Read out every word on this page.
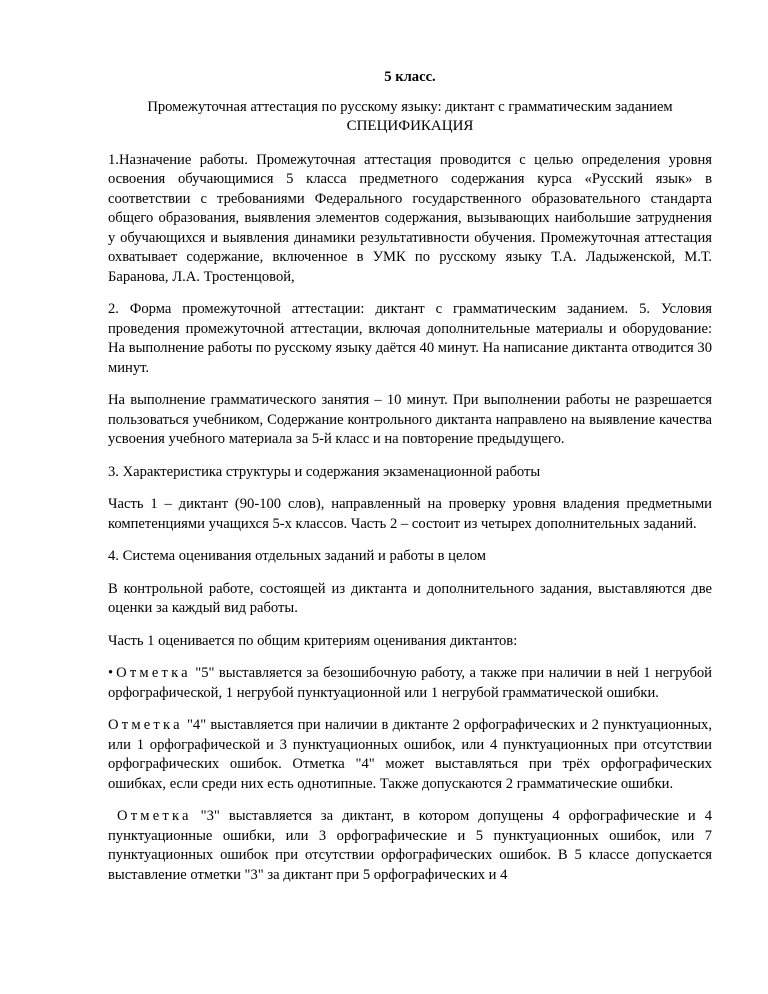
5 класс.
Промежуточная аттестация по русскому языку: диктант с грамматическим заданием
СПЕЦИФИКАЦИЯ

1.Назначение работы. Промежуточная аттестация проводится с целью определения уровня освоения обучающимися 5 класса предметного содержания курса «Русский язык» в соответствии с требованиями Федерального государственного образовательного стандарта общего образования, выявления элементов содержания, вызывающих наибольшие затруднения у обучающихся и выявления динамики результативности обучения. Промежуточная аттестация охватывает содержание, включенное в УМК по русскому языку Т.А. Ладыженской, М.Т. Баранова, Л.А. Тростенцовой,

2. Форма промежуточной аттестации: диктант с грамматическим заданием. 5. Условия проведения промежуточной аттестации, включая дополнительные материалы и оборудование: На выполнение работы по русскому языку даётся 40 минут. На написание диктанта отводится 30 минут.

На выполнение грамматического занятия – 10 минут. При выполнении работы не разрешается пользоваться учебником, Содержание контрольного диктанта направлено на выявление качества усвоения учебного материала за 5-й класс и на повторение предыдущего.

3. Характеристика структуры и содержания экзаменационной работы

Часть 1 – диктант (90-100 слов), направленный на проверку уровня владения предметными компетенциями учащихся 5-х классов. Часть 2 – состоит из четырех дополнительных заданий.

4. Система оценивания отдельных заданий и работы в целом

В контрольной работе, состоящей из диктанта и дополнительного задания, выставляются две оценки за каждый вид работы.

Часть 1 оценивается по общим критериям оценивания диктантов:

• Отметка "5" выставляется за безошибочную работу, а также при наличии в ней 1 негрубой орфографической, 1 негрубой пунктуационной или 1 негрубой грамматической ошибки.

Отметка "4" выставляется при наличии в диктанте 2 орфографических и 2 пунктуационных, или 1 орфографической и 3 пунктуационных ошибок, или 4 пунктуационных при отсутствии орфографических ошибок. Отметка "4" может выставляться при трёх орфографических ошибках, если среди них есть однотипные. Также допускаются 2 грамматические ошибки.

Отметка "3" выставляется за диктант, в котором допущены 4 орфографические и 4 пунктуационные ошибки, или 3 орфографические и 5 пунктуационных ошибок, или 7 пунктуационных ошибок при отсутствии орфографических ошибок. В 5 классе допускается выставление отметки "3" за диктант при 5 орфографических и 4
